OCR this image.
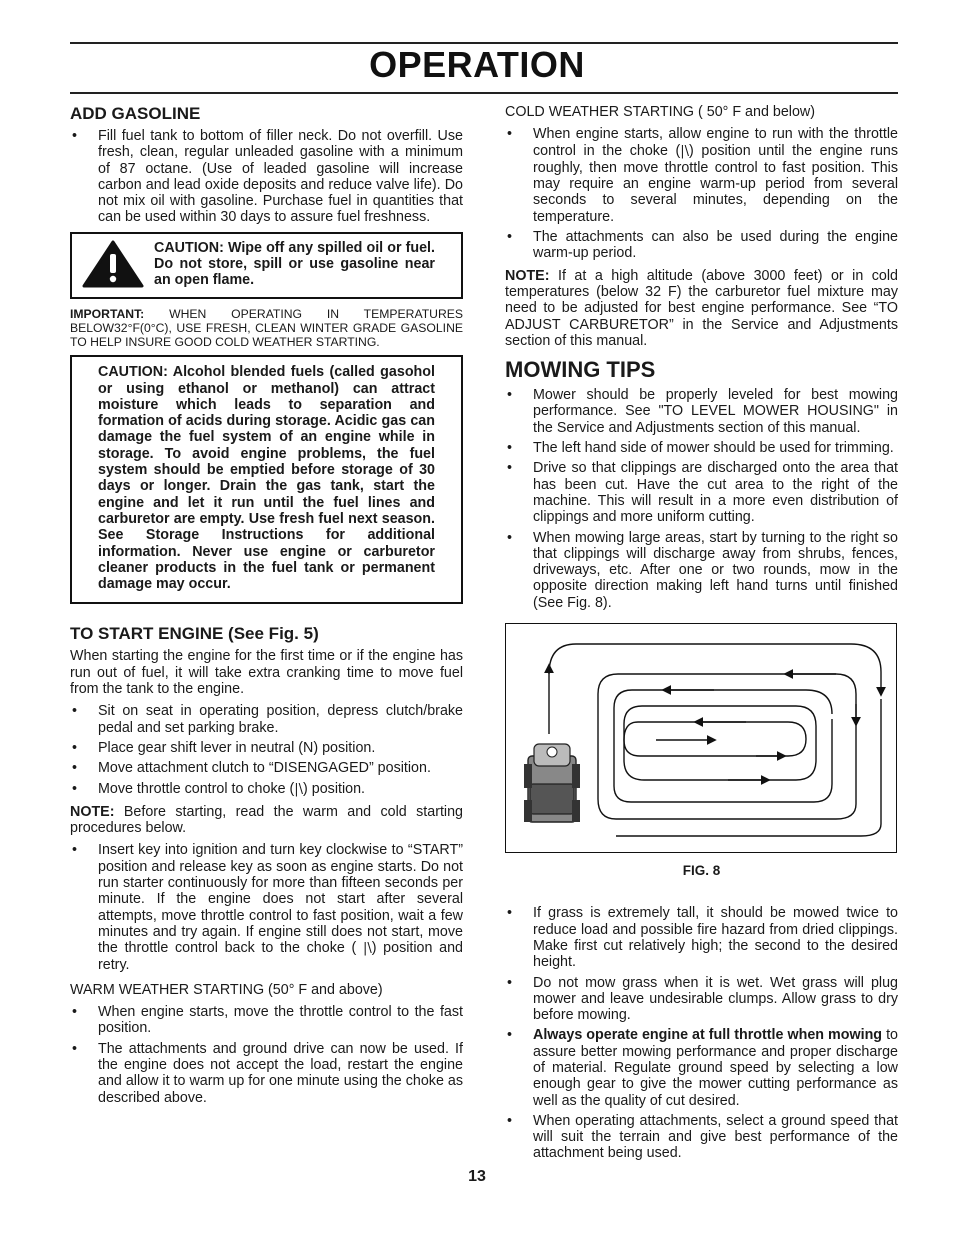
OPERATION
ADD GASOLINE
• Fill fuel tank to bottom of filler neck. Do not overfill. Use fresh, clean, regular unleaded gasoline with a minimum of 87 octane. (Use of leaded gasoline will increase carbon and lead oxide deposits and reduce valve life). Do not mix oil with gasoline. Purchase fuel in quantities that can be used within 30 days to assure fuel freshness.
CAUTION: Wipe off any spilled oil or fuel. Do not store, spill or use gasoline near an open flame.

IMPORTANT: WHEN OPERATING IN TEMPERATURES BELOW32°F(0°C), USE FRESH, CLEAN WINTER GRADE GASOLINE TO HELP INSURE GOOD COLD WEATHER STARTING.

CAUTION: Alcohol blended fuels (called gasohol or using ethanol or methanol) can attract moisture which leads to separation and formation of acids during storage. Acidic gas can damage the fuel system of an engine while in storage. To avoid engine problems, the fuel system should be emptied before storage of 30 days or longer. Drain the gas tank, start the engine and let it run until the fuel lines and carburetor are empty. Use fresh fuel next season. See Storage Instructions for additional information. Never use engine or carburetor cleaner products in the fuel tank or permanent damage may occur.
TO START ENGINE (See Fig. 5)

When starting the engine for the first time or if the engine has run out of fuel, it will take extra cranking time to move fuel from the tank to the engine.

• Sit on seat in operating position, depress clutch/brake pedal and set parking brake.
• Place gear shift lever in neutral (N) position.
• Move attachment clutch to “DISENGAGED” position.
• Move throttle control to choke (|\) position.

NOTE: Before starting, read the warm and cold starting procedures below.

• Insert key into ignition and turn key clockwise to “START” position and release key as soon as engine starts. Do not run starter continuously for more than fifteen seconds per minute. If the engine does not start after several attempts, move throttle control to fast position, wait a few minutes and try again. If engine still does not start, move the throttle control back to the choke ( |\) position and retry.

WARM WEATHER STARTING (50° F and above)

• When engine starts, move the throttle control to the fast position.
• The attachments and ground drive can now be used. If the engine does not accept the load, restart the engine and allow it to warm up for one minute using the choke as described above.

COLD WEATHER STARTING ( 50° F and below)

• When engine starts, allow engine to run with the throttle control in the choke (|\) position until the engine runs roughly, then move throttle control to fast position. This may require an engine warm-up period from several seconds to several minutes, depending on the temperature.
• The attachments can also be used during the engine warm-up period.

NOTE: If at a high altitude (above 3000 feet) or in cold temperatures (below 32 F) the carburetor fuel mixture may need to be adjusted for best engine performance. See “TO ADJUST CARBURETOR” in the Service and Adjustments section of this manual.

MOWING TIPS
• Mower should be properly leveled for best mowing performance. See "TO LEVEL MOWER HOUSING" in the Service and Adjustments section of this manual.
• The left hand side of mower should be used for trimming.
• Drive so that clippings are discharged onto the area that has been cut. Have the cut area to the right of the machine. This will result in a more even distribution of clippings and more uniform cutting.
• When mowing large areas, start by turning to the right so that clippings will discharge away from shrubs, fences, driveways, etc. After one or two rounds, mow in the opposite direction making left hand turns until finished (See Fig. 8).
FIG. 8
• If grass is extremely tall, it should be mowed twice to reduce load and possible fire hazard from dried clippings. Make first cut relatively high; the second to the desired height.
• Do not mow grass when it is wet. Wet grass will plug mower and leave undesirable clumps. Allow grass to dry before mowing.
• Always operate engine at full throttle when mowing to assure better mowing performance and proper discharge of material. Regulate ground speed by selecting a low enough gear to give the mower cutting performance as well as the quality of cut desired.
• When operating attachments, select a ground speed that will suit the terrain and give best performance of the attachment being used.
13
